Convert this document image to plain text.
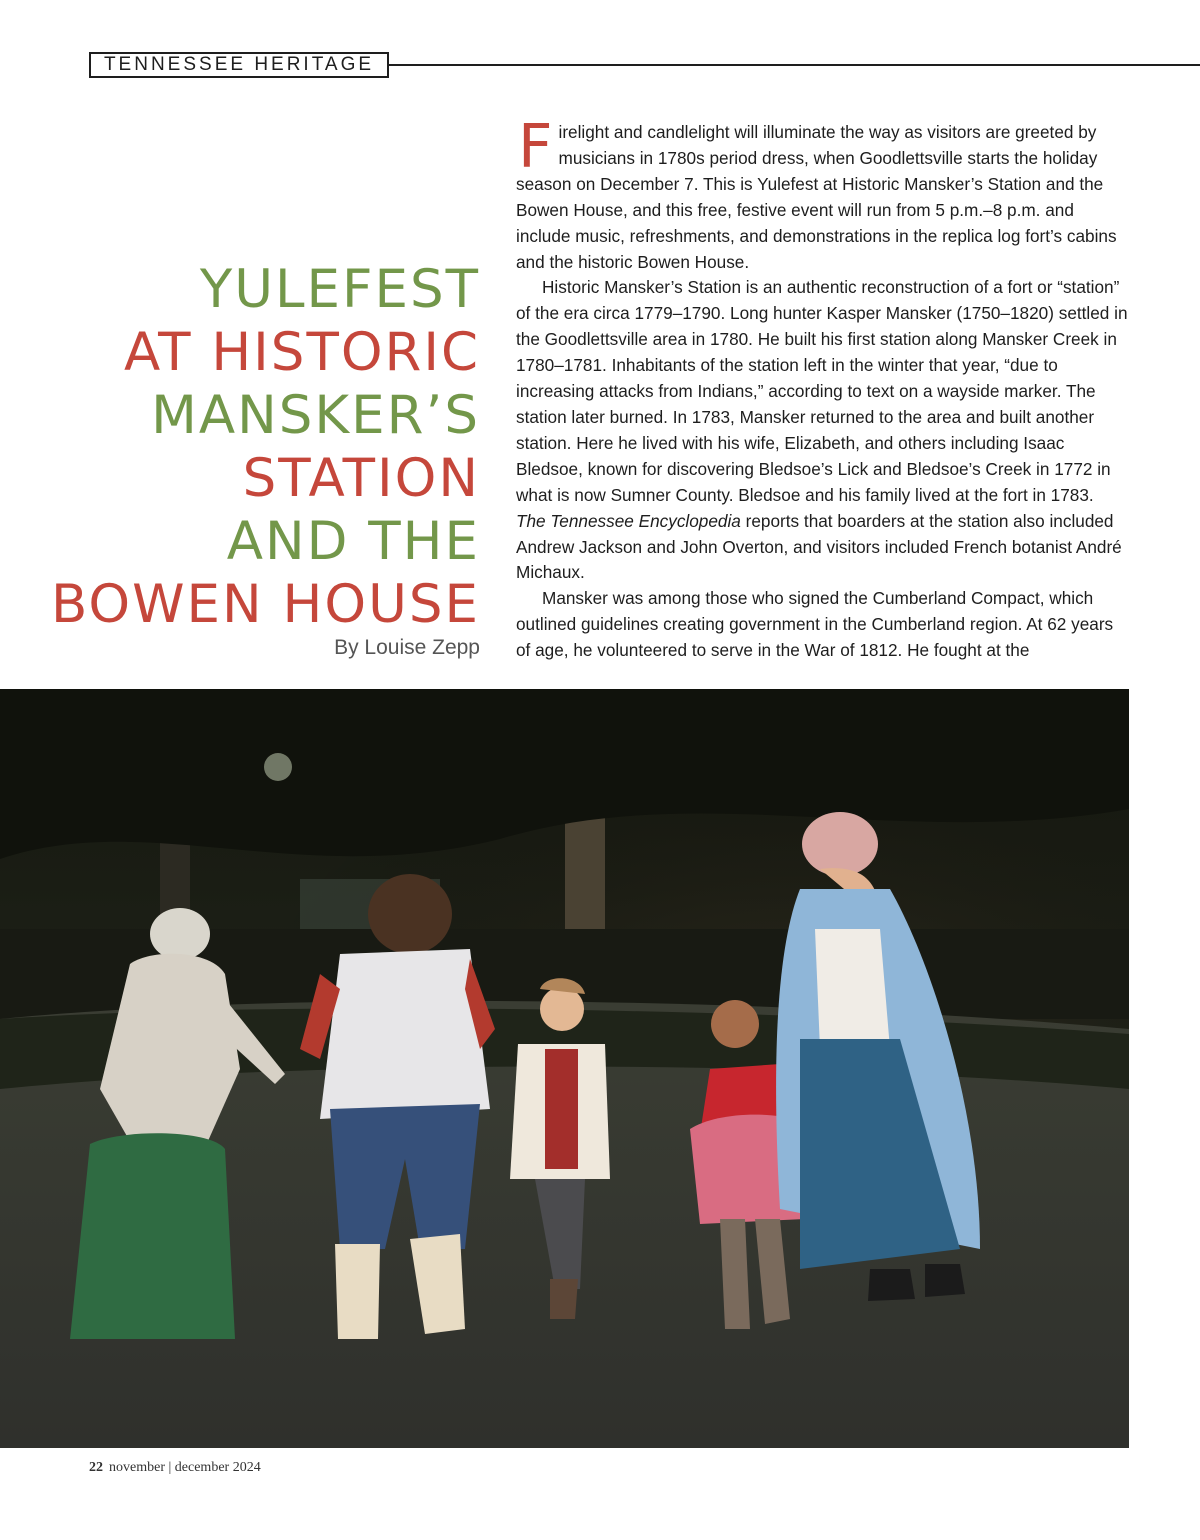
TENNESSEE HERITAGE
YULEFEST
AT HISTORIC
MANSKER’S
STATION
AND THE
BOWEN HOUSE
By Louise Zepp

Firelight and candlelight will illuminate the way as visitors are greeted by musicians in 1780s period dress, when Goodlettsville starts the holiday season on December 7. This is Yulefest at Historic Mansker’s Station and the Bowen House, and this free, festive event will run from 5 p.m.–8 p.m. and include music, refreshments, and demonstrations in the replica log fort’s cabins and the historic Bowen House.

Historic Mansker’s Station is an authentic reconstruction of a fort or “station” of the era circa 1779–1790. Long hunter Kasper Mansker (1750–1820) settled in the Goodlettsville area in 1780. He built his first station along Mansker Creek in 1780–1781. Inhabitants of the station left in the winter that year, “due to increasing attacks from Indians,” according to text on a wayside marker. The station later burned. In 1783, Mansker returned to the area and built another station. Here he lived with his wife, Elizabeth, and others including Isaac Bledsoe, known for discovering Bledsoe’s Lick and Bledsoe’s Creek in 1772 in what is now Sumner County. Bledsoe and his family lived at the fort in 1783. The Tennessee Encyclopedia reports that boarders at the station also included Andrew Jackson and John Overton, and visitors included French botanist André Michaux.

Mansker was among those who signed the Cumberland Compact, which outlined guidelines creating government in the Cumberland region. At 62 years of age, he volunteered to serve in the War of 1812. He fought at the

22 november | december 2024
